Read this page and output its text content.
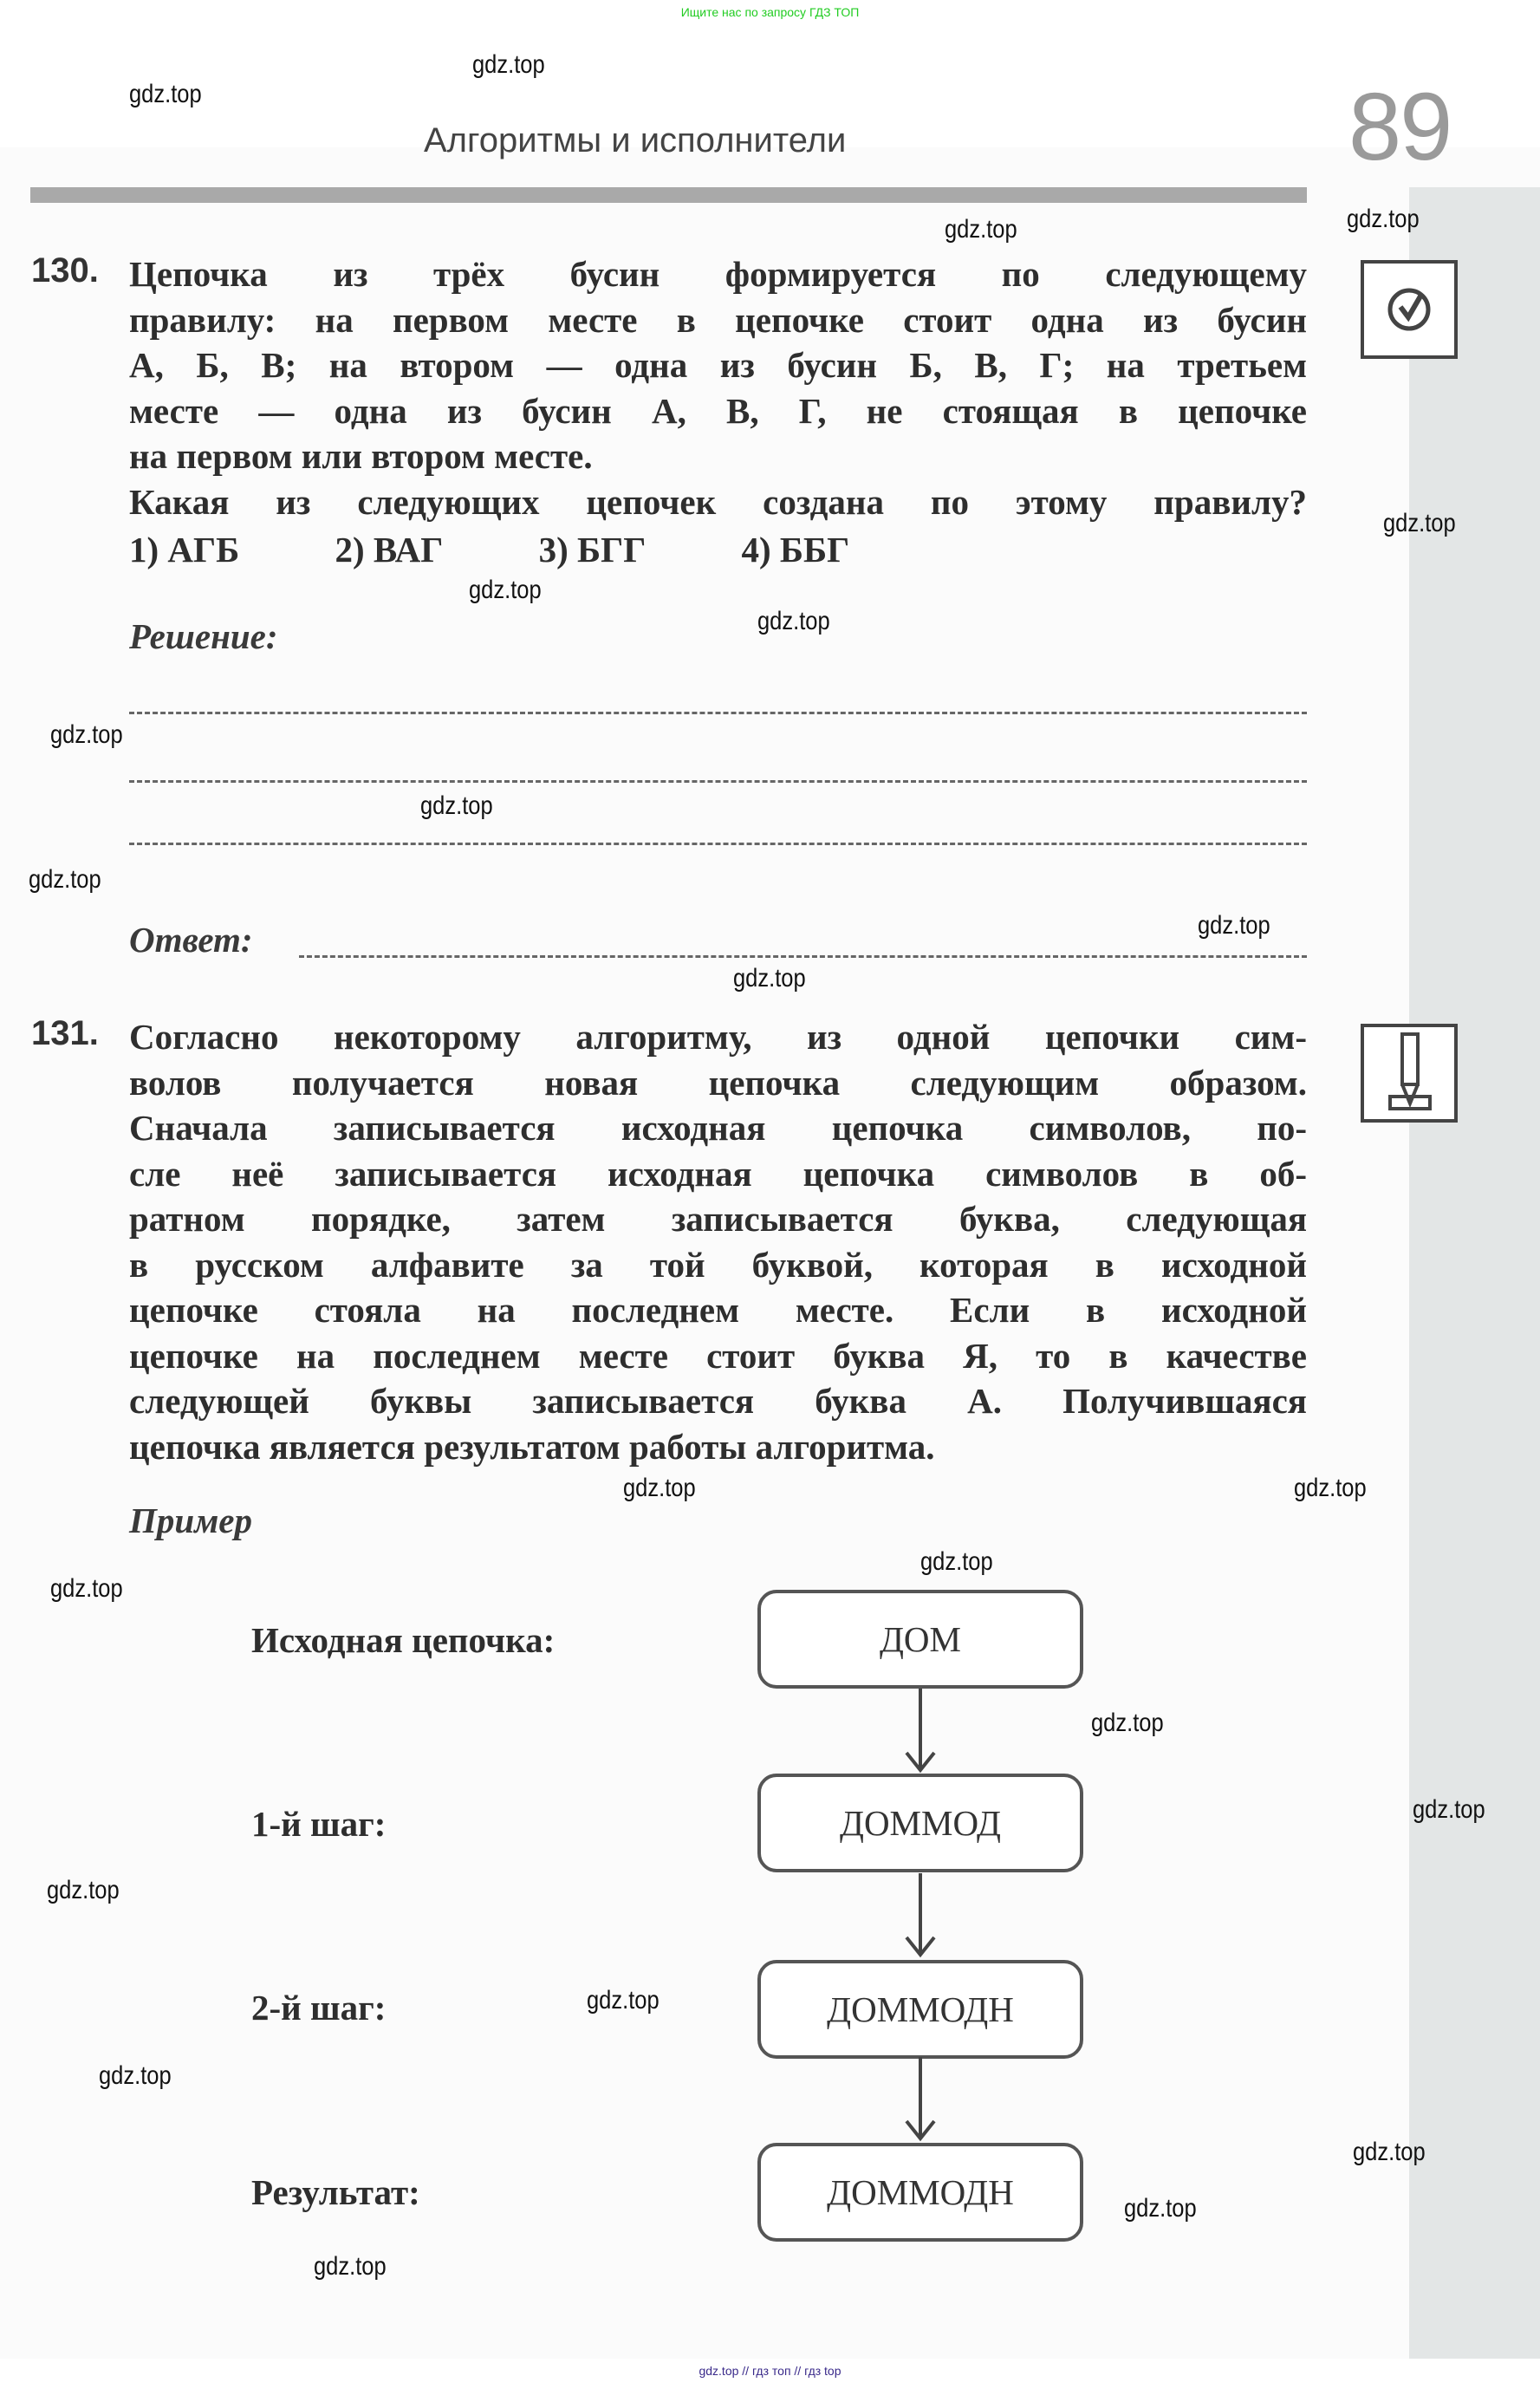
Ищите нас по запросу ГДЗ ТОП
Алгоритмы и исполнители	89
130. Цепочка из трёх бусин формируется по следующему

правилу: на первом месте в цепочке стоит одна из бусин

А, Б, В; на втором — одна из бусин Б, В, Г; на третьем

месте — одна из бусин А, В, Г, не стоящая в цепочке

на первом или втором месте.

Какая из следующих цепочек создана по этому правилу?

1) АГБ	2) ВАГ	3) БГГ	4) ББГ
Решение:
Ответ:
131. Согласно некоторому алгоритму, из одной цепочки сим-

волов получается новая цепочка следующим образом.

Сначала записывается исходная цепочка символов, по-

сле неё записывается исходная цепочка символов в об-

ратном порядке, затем записывается буква, следующая

в русском алфавите за той буквой, которая в исходной

цепочке стояла на последнем месте. Если в исходной

цепочке на последнем месте стоит буква Я, то в качестве

следующей буквы записывается буква А. Получившаяся

цепочка является результатом работы алгоритма.

Пример
Исходная цепочка:	ДОМ
1-й шаг:	ДОММОД
2-й шаг:	ДОММОДН
Результат:	ДОММОДН
gdz.top
gdz.top
gdz.top
gdz.top
gdz.top
gdz.top
gdz.top
gdz.top
gdz.top
gdz.top
gdz.top
gdz.top
gdz.top
gdz.top
gdz.top
gdz.top
gdz.top
gdz.top
gdz.top
gdz.top
gdz.top
gdz.top
gdz.top
gdz.top
gdz.top // гдз топ // гдз top
